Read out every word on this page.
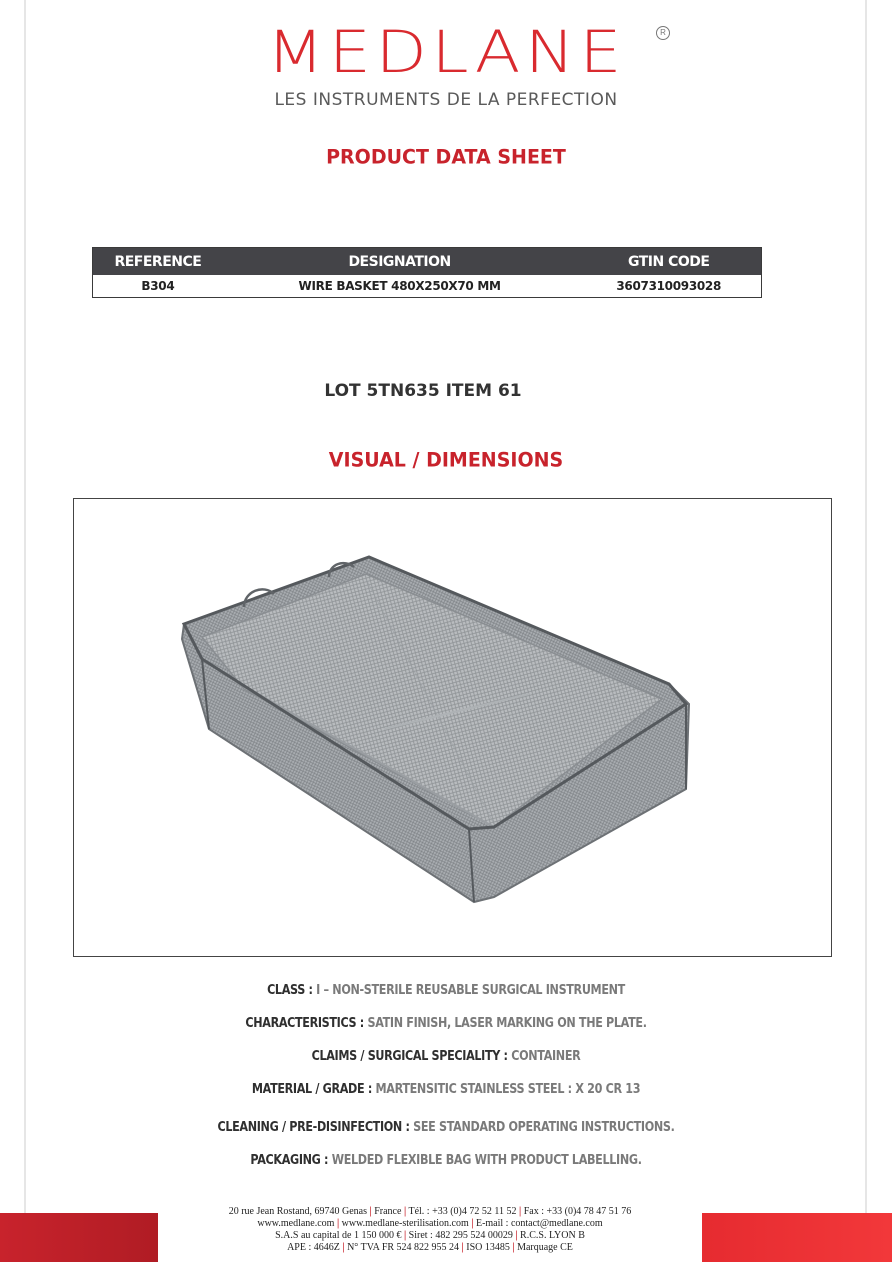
MEDLANE	R
LES INSTRUMENTS DE LA PERFECTION
PRODUCT DATA SHEET
REFERENCE	DESIGNATION	GTIN CODE
B304	WIRE BASKET 480X250X70 MM	3607310093028
LOT 5TN635 ITEM 61
VISUAL / DIMENSIONS
CLASS : I – NON-STERILE REUSABLE SURGICAL INSTRUMENT
CHARACTERISTICS : SATIN FINISH, LASER MARKING ON THE PLATE.
CLAIMS / SURGICAL SPECIALITY : CONTAINER
MATERIAL / GRADE : MARTENSITIC STAINLESS STEEL : X 20 CR 13
CLEANING / PRE-DISINFECTION : SEE STANDARD OPERATING INSTRUCTIONS.
PACKAGING : WELDED FLEXIBLE BAG WITH PRODUCT LABELLING.
20 rue Jean Rostand, 69740 Genas | France | Tél. : +33 (0)4 72 52 11 52 | Fax : +33 (0)4 78 47 51 76
www.medlane.com | www.medlane-sterilisation.com | E-mail : contact@medlane.com
S.A.S au capital de 1 150 000 € | Siret : 482 295 524 00029 | R.C.S. LYON B
APE : 4646Z | N° TVA FR 524 822 955 24 | ISO 13485 | Marquage CE
